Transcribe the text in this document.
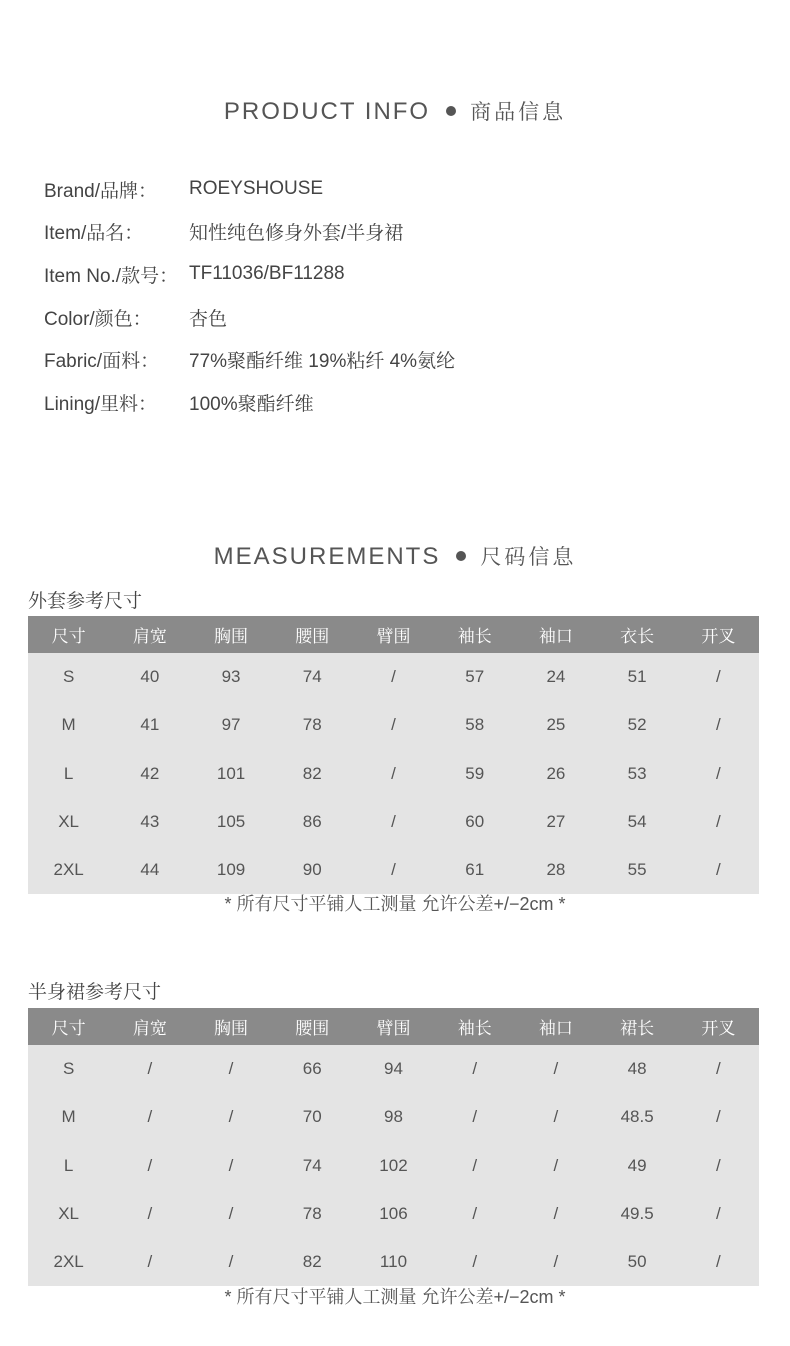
PRODUCT INFO 商品信息
Brand/品牌：	ROEYSHOUSE
Item/品名：	知性纯色修身外套/半身裙
Item No./款号： TF11036/BF11288
Color/颜色：	杏色
Fabric/面料：	77%聚酯纤维 19%粘纤 4%氨纶
Lining/里料：	100%聚酯纤维
MEASUREMENTS 尺码信息
外套参考尺寸
尺寸	肩宽	胸围	腰围	臂围	袖长	袖口	衣长	开叉
S	40	93	74	/	57	24	51	/
M	41	97	78	/	58	25	52	/
L	42	101	82	/	59	26	53	/
XL	43	105	86	/	60	27	54	/
2XL	44	109	90	/	61	28	55	/
* 所有尺寸平铺人工测量 允许公差+/−2cm *
半身裙参考尺寸
尺寸	肩宽	胸围	腰围	臂围	袖长	袖口	裙长	开叉
S	/	/	66	94	/	/	48	/
M	/	/	70	98	/	/	48.5	/
L	/	/	74	102	/	/	49	/
XL	/	/	78	106	/	/	49.5	/
2XL	/	/	82	110	/	/	50	/
* 所有尺寸平铺人工测量 允许公差+/−2cm *
